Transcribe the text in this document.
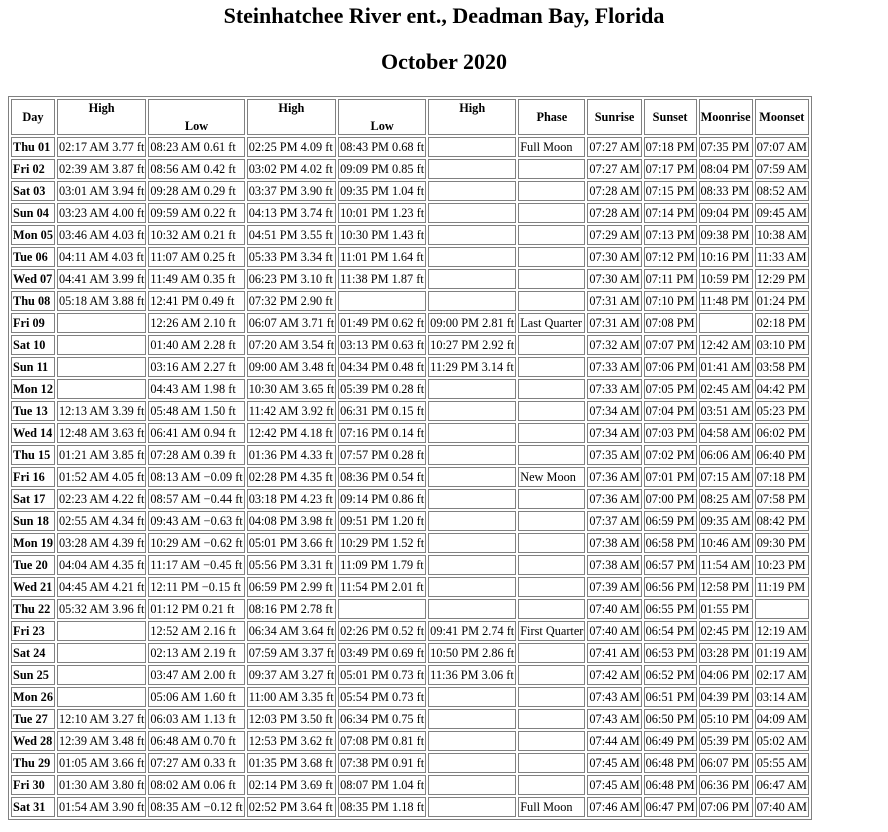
Steinhatchee River ent., Deadman Bay, Florida
October 2020
Day	High	Low	High	Low	High	Phase	Sunrise	Sunset	Moonrise	Moonset
Thu 01	02:17 AM 3.77 ft	08:23 AM 0.61 ft	02:25 PM 4.09 ft	08:43 PM 0.68 ft		Full Moon	07:27 AM	07:18 PM	07:35 PM	07:07 AM
Fri 02	02:39 AM 3.87 ft	08:56 AM 0.42 ft	03:02 PM 4.02 ft	09:09 PM 0.85 ft			07:27 AM	07:17 PM	08:04 PM	07:59 AM
Sat 03	03:01 AM 3.94 ft	09:28 AM 0.29 ft	03:37 PM 3.90 ft	09:35 PM 1.04 ft			07:28 AM	07:15 PM	08:33 PM	08:52 AM
Sun 04	03:23 AM 4.00 ft	09:59 AM 0.22 ft	04:13 PM 3.74 ft	10:01 PM 1.23 ft			07:28 AM	07:14 PM	09:04 PM	09:45 AM
Mon 05	03:46 AM 4.03 ft	10:32 AM 0.21 ft	04:51 PM 3.55 ft	10:30 PM 1.43 ft			07:29 AM	07:13 PM	09:38 PM	10:38 AM
Tue 06	04:11 AM 4.03 ft	11:07 AM 0.25 ft	05:33 PM 3.34 ft	11:01 PM 1.64 ft			07:30 AM	07:12 PM	10:16 PM	11:33 AM
Wed 07	04:41 AM 3.99 ft	11:49 AM 0.35 ft	06:23 PM 3.10 ft	11:38 PM 1.87 ft			07:30 AM	07:11 PM	10:59 PM	12:29 PM
Thu 08	05:18 AM 3.88 ft	12:41 PM 0.49 ft	07:32 PM 2.90 ft				07:31 AM	07:10 PM	11:48 PM	01:24 PM
Fri 09		12:26 AM 2.10 ft	06:07 AM 3.71 ft	01:49 PM 0.62 ft	09:00 PM 2.81 ft	Last Quarter	07:31 AM	07:08 PM		02:18 PM
Sat 10		01:40 AM 2.28 ft	07:20 AM 3.54 ft	03:13 PM 0.63 ft	10:27 PM 2.92 ft		07:32 AM	07:07 PM	12:42 AM	03:10 PM
Sun 11		03:16 AM 2.27 ft	09:00 AM 3.48 ft	04:34 PM 0.48 ft	11:29 PM 3.14 ft		07:33 AM	07:06 PM	01:41 AM	03:58 PM
Mon 12		04:43 AM 1.98 ft	10:30 AM 3.65 ft	05:39 PM 0.28 ft			07:33 AM	07:05 PM	02:45 AM	04:42 PM
Tue 13	12:13 AM 3.39 ft	05:48 AM 1.50 ft	11:42 AM 3.92 ft	06:31 PM 0.15 ft			07:34 AM	07:04 PM	03:51 AM	05:23 PM
Wed 14	12:48 AM 3.63 ft	06:41 AM 0.94 ft	12:42 PM 4.18 ft	07:16 PM 0.14 ft			07:34 AM	07:03 PM	04:58 AM	06:02 PM
Thu 15	01:21 AM 3.85 ft	07:28 AM 0.39 ft	01:36 PM 4.33 ft	07:57 PM 0.28 ft			07:35 AM	07:02 PM	06:06 AM	06:40 PM
Fri 16	01:52 AM 4.05 ft	08:13 AM −0.09 ft	02:28 PM 4.35 ft	08:36 PM 0.54 ft		New Moon	07:36 AM	07:01 PM	07:15 AM	07:18 PM
Sat 17	02:23 AM 4.22 ft	08:57 AM −0.44 ft	03:18 PM 4.23 ft	09:14 PM 0.86 ft			07:36 AM	07:00 PM	08:25 AM	07:58 PM
Sun 18	02:55 AM 4.34 ft	09:43 AM −0.63 ft	04:08 PM 3.98 ft	09:51 PM 1.20 ft			07:37 AM	06:59 PM	09:35 AM	08:42 PM
Mon 19	03:28 AM 4.39 ft	10:29 AM −0.62 ft	05:01 PM 3.66 ft	10:29 PM 1.52 ft			07:38 AM	06:58 PM	10:46 AM	09:30 PM
Tue 20	04:04 AM 4.35 ft	11:17 AM −0.45 ft	05:56 PM 3.31 ft	11:09 PM 1.79 ft			07:38 AM	06:57 PM	11:54 AM	10:23 PM
Wed 21	04:45 AM 4.21 ft	12:11 PM −0.15 ft	06:59 PM 2.99 ft	11:54 PM 2.01 ft			07:39 AM	06:56 PM	12:58 PM	11:19 PM
Thu 22	05:32 AM 3.96 ft	01:12 PM 0.21 ft	08:16 PM 2.78 ft				07:40 AM	06:55 PM	01:55 PM	
Fri 23		12:52 AM 2.16 ft	06:34 AM 3.64 ft	02:26 PM 0.52 ft	09:41 PM 2.74 ft	First Quarter	07:40 AM	06:54 PM	02:45 PM	12:19 AM
Sat 24		02:13 AM 2.19 ft	07:59 AM 3.37 ft	03:49 PM 0.69 ft	10:50 PM 2.86 ft		07:41 AM	06:53 PM	03:28 PM	01:19 AM
Sun 25		03:47 AM 2.00 ft	09:37 AM 3.27 ft	05:01 PM 0.73 ft	11:36 PM 3.06 ft		07:42 AM	06:52 PM	04:06 PM	02:17 AM
Mon 26		05:06 AM 1.60 ft	11:00 AM 3.35 ft	05:54 PM 0.73 ft			07:43 AM	06:51 PM	04:39 PM	03:14 AM
Tue 27	12:10 AM 3.27 ft	06:03 AM 1.13 ft	12:03 PM 3.50 ft	06:34 PM 0.75 ft			07:43 AM	06:50 PM	05:10 PM	04:09 AM
Wed 28	12:39 AM 3.48 ft	06:48 AM 0.70 ft	12:53 PM 3.62 ft	07:08 PM 0.81 ft			07:44 AM	06:49 PM	05:39 PM	05:02 AM
Thu 29	01:05 AM 3.66 ft	07:27 AM 0.33 ft	01:35 PM 3.68 ft	07:38 PM 0.91 ft			07:45 AM	06:48 PM	06:07 PM	05:55 AM
Fri 30	01:30 AM 3.80 ft	08:02 AM 0.06 ft	02:14 PM 3.69 ft	08:07 PM 1.04 ft			07:45 AM	06:48 PM	06:36 PM	06:47 AM
Sat 31	01:54 AM 3.90 ft	08:35 AM −0.12 ft	02:52 PM 3.64 ft	08:35 PM 1.18 ft		Full Moon	07:46 AM	06:47 PM	07:06 PM	07:40 AM
